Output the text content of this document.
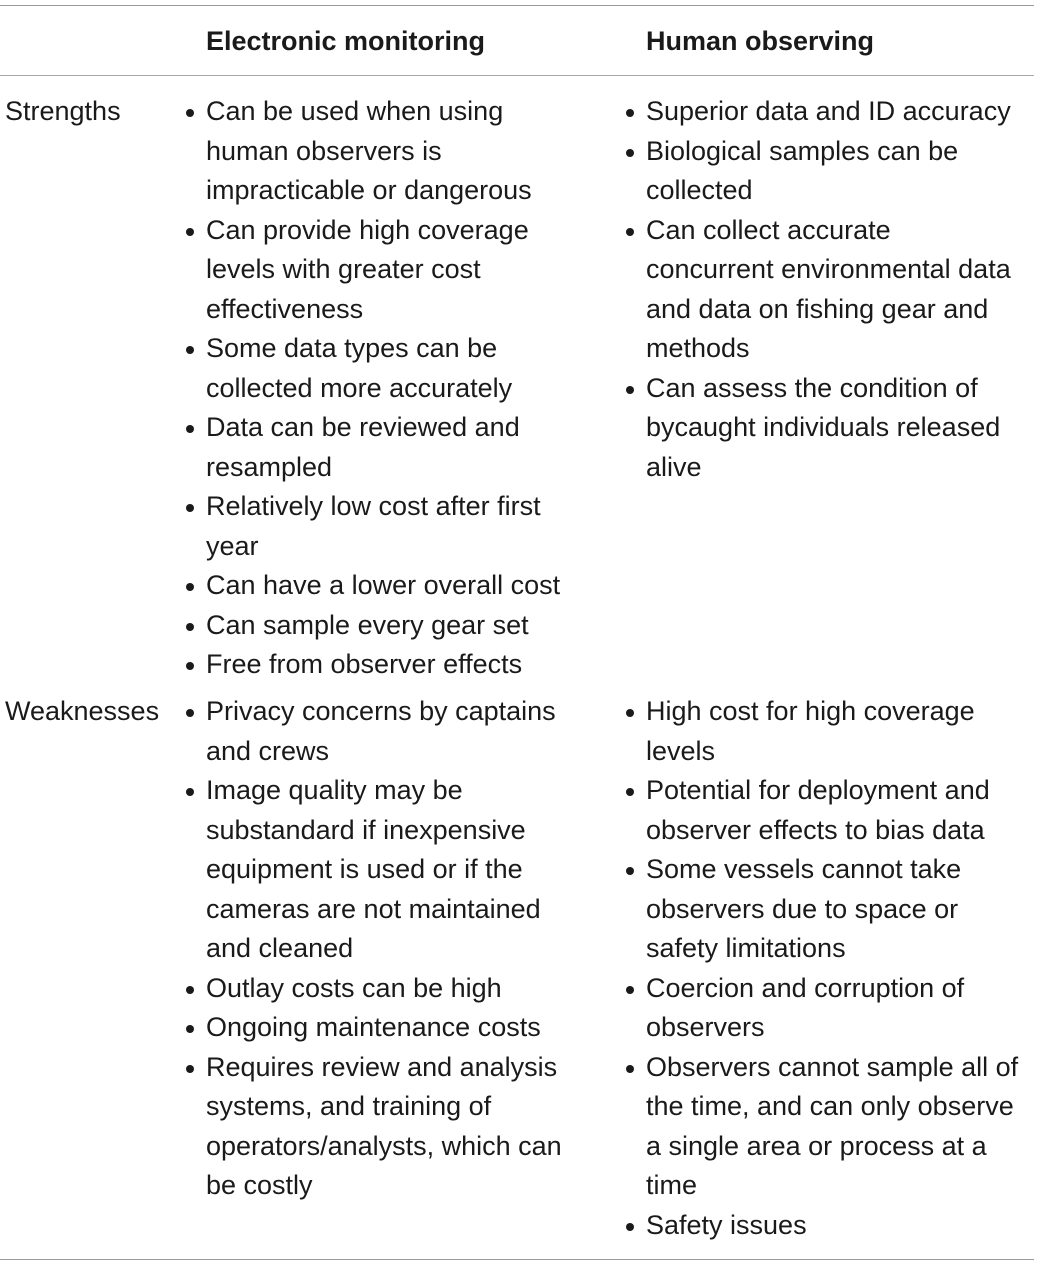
Electronic monitoring	Human observing
Strengths	Can be used when using
human observers is
impracticable or dangerous
Can provide high coverage
levels with greater cost
effectiveness
Some data types can be
collected more accurately
Data can be reviewed and
resampled
Relatively low cost after first
year
Can have a lower overall cost
Can sample every gear set
Free from observer effects
Superior data and ID accuracy
Biological samples can be
collected
Can collect accurate
concurrent environmental data
and data on fishing gear and
methods
Can assess the condition of
bycaught individuals released
alive
Weaknesses Privacy concerns by captains
and crews
Image quality may be
substandard if inexpensive
equipment is used or if the
cameras are not maintained
and cleaned
Outlay costs can be high
Ongoing maintenance costs
Requires review and analysis
systems, and training of
operators/analysts, which can
be costly
High cost for high coverage
levels
Potential for deployment and
observer effects to bias data
Some vessels cannot take
observers due to space or
safety limitations
Coercion and corruption of
observers
Observers cannot sample all of
the time, and can only observe
a single area or process at a
time
Safety issues
